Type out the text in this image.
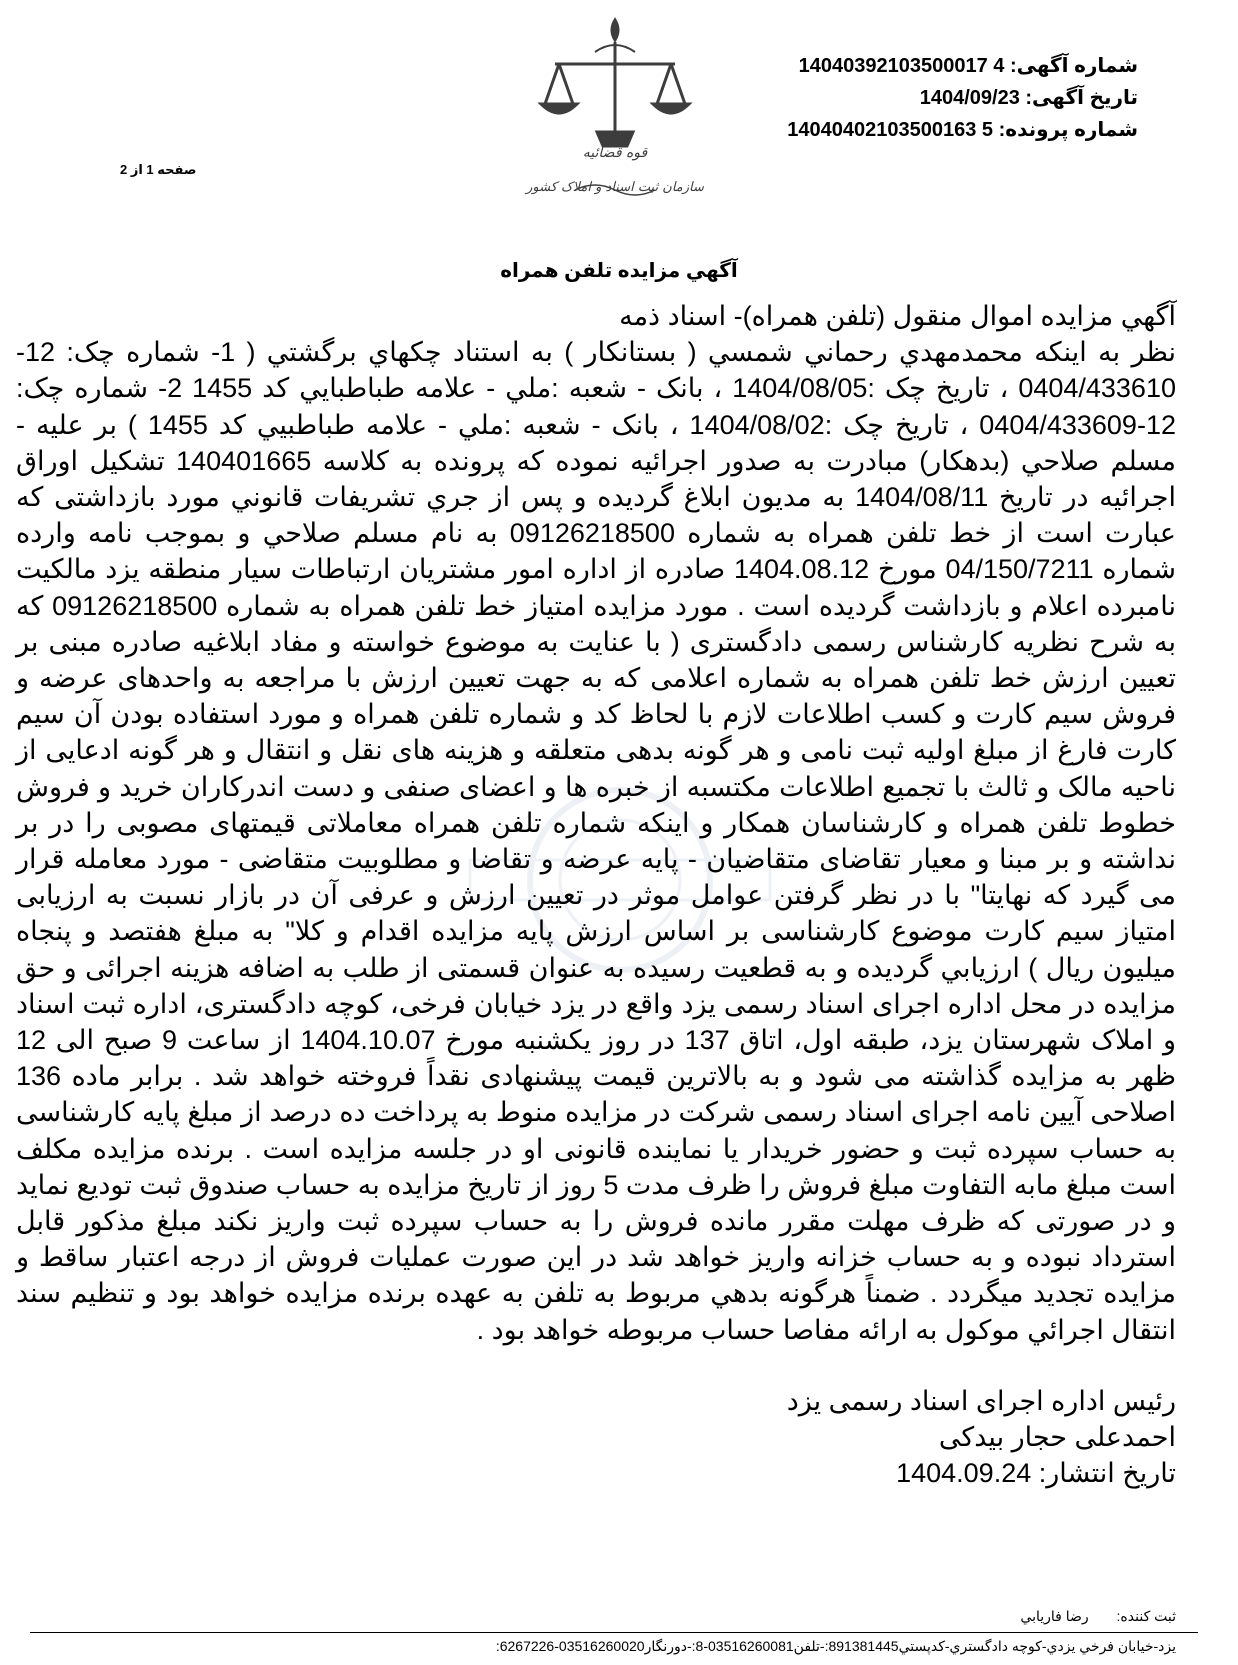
قوه قضائیه
سازمان ثبت اسناد و املاک کشور
شماره آگهی: 14040392103500017 4
تاریخ آگهی: 1404/09/23
شماره پرونده: 14040402103500163 5
صفحه 1 از 2
آگهي مزايده تلفن همراه

آگهي مزايده اموال منقول (تلفن همراه)- اسناد ذمه

نظر به اينكه محمدمهدي رحماني شمسي ( بستانكار ) به استناد چكهاي برگشتي ( 1- شماره چک: 12-0404/433610 ، تاریخ چک :1404/08/05 ، بانک - شعبه :ملي - علامه طباطبايي كد 1455 2- شماره چک: 12-0404/433609 ، تاریخ چک :1404/08/02 ، بانک - شعبه :ملي - علامه طباطبيي كد 1455 ) بر علیه - مسلم صلاحي (بدهكار) مبادرت به صدور اجرائیه نموده که پرونده به کلاسه 140401665 تشكيل اوراق اجرائيه در تاريخ 1404/08/11 به مديون ابلاغ گرديده و پس از جري تشريفات قانوني مورد بازداشتی که عبارت است از خط تلفن همراه به شماره 09126218500 به نام مسلم صلاحي و بموجب نامه وارده شماره 04/150/7211 مورخ 1404.08.12 صادره از اداره امور مشتریان ارتباطات سیار منطقه یزد مالکیت نامبرده اعلام و بازداشت گردیده است . مورد مزایده امتیاز خط تلفن همراه به شماره 09126218500 که به شرح نظریه کارشناس رسمی دادگستری ( با عنایت به موضوع خواسته و مفاد ابلاغیه صادره مبنی بر تعیین ارزش خط تلفن همراه به شماره اعلامی که به جهت تعیین ارزش با مراجعه به واحدهای عرضه و فروش سیم کارت و کسب اطلاعات لازم با لحاظ کد و شماره تلفن همراه و مورد استفاده بودن آن سیم کارت فارغ از مبلغ اولیه ثبت نامی و هر گونه بدهی متعلقه و هزینه های نقل و انتقال و هر گونه ادعایی از ناحیه مالک و ثالث با تجمیع اطلاعات مکتسبه از خبره ها و اعضای صنفی و دست اندرکاران خرید و فروش خطوط تلفن همراه و کارشناسان همکار و اینکه شماره تلفن همراه معاملاتی قیمتهای مصوبی را در بر نداشته و بر مبنا و معیار تقاضای متقاضیان - پایه عرضه و تقاضا و مطلوبیت متقاضی - مورد معامله قرار می گیرد که نهایتا" با در نظر گرفتن عوامل موثر در تعیین ارزش و عرفی آن در بازار نسبت به ارزیابی امتیاز سیم کارت موضوع کارشناسی بر اساس ارزش پایه مزایده اقدام و کلا" به مبلغ هفتصد و پنجاه میلیون ریال ) ارزيابي گرديده و به قطعيت رسيده به عنوان قسمتی از طلب به اضافه هزينه اجرائی و حق مزايده در محل اداره اجرای اسناد رسمی يزد واقع در يزد خيابان فرخی، کوچه دادگستری، اداره ثبت اسناد و املاک شهرستان یزد، طبقه اول، اتاق 137 در روز یکشنبه مورخ 1404.10.07 از ساعت 9 صبح الی 12 ظهر به مزايده گذاشته می شود و به بالاترين قيمت پيشنهادی نقداً فروخته خواهد شد . برابر ماده 136 اصلاحی آيين نامه اجرای اسناد رسمی شرکت در مزايده منوط به پرداخت ده درصد از مبلغ پايه کارشناسی به حساب سپرده ثبت و حضور خريدار يا نماينده قانونی او در جلسه مزايده است . برنده مزايده مکلف است مبلغ مابه التفاوت مبلغ فروش را ظرف مدت 5 روز از تاريخ مزايده به حساب صندوق ثبت توديع نمايد و در صورتی که ظرف مهلت مقرر مانده فروش را به حساب سپرده ثبت واريز نکند مبلغ مذکور قابل استرداد نبوده و به حساب خزانه واريز خواهد شد در اين صورت عمليات فروش از درجه اعتبار ساقط و مزايده تجديد ميگردد . ضمناً هرگونه بدهي مربوط به تلفن به عهده برنده مزايده خواهد بود و تنظيم سند انتقال اجرائي موكول به ارائه مفاصا حساب مربوطه خواهد بود .

رئيس اداره اجرای اسناد رسمی يزد
احمدعلی حجار بيدکی
تاریخ انتشار: 1404.09.24
ثبت کننده: رضا فاريابي
يزد-خيابان فرخي يزدي-كوچه دادگستري-كدپستي891381445:-تلفن03516260081-8:-دورنگار03516260020-6267226:
